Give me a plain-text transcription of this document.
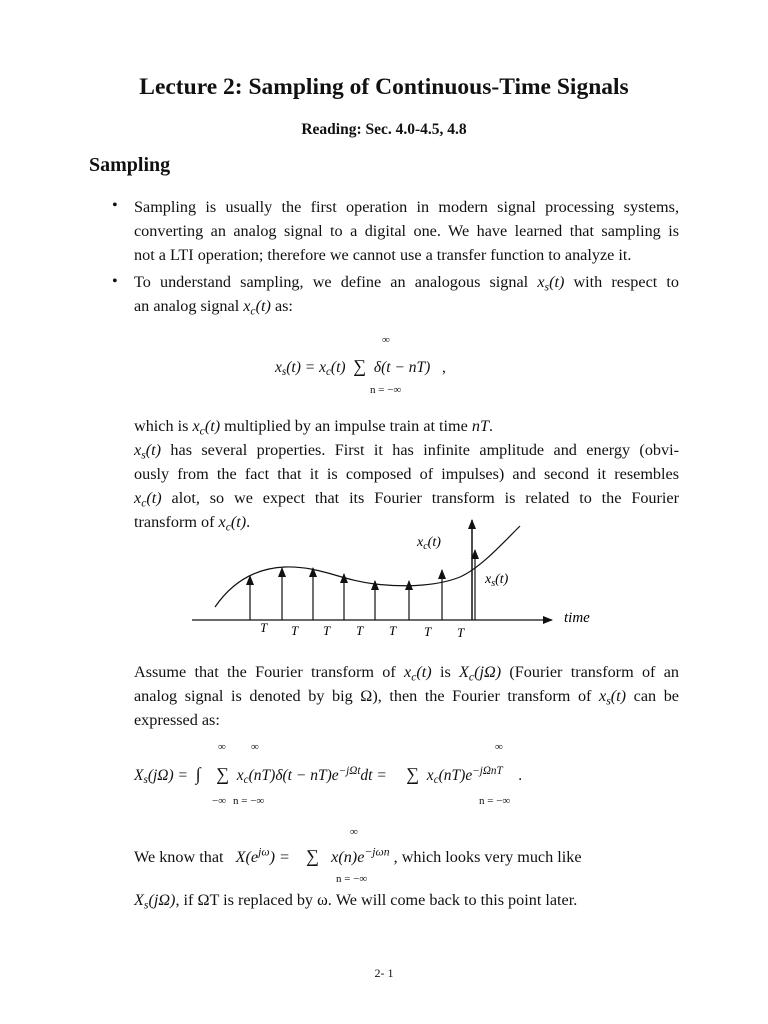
Lecture 2: Sampling of Continuous-Time Signals
Reading: Sec. 4.0-4.5, 4.8
Sampling
• Sampling is usually the first operation in modern signal processing systems,
converting an analog signal to a digital one. We have learned that sampling is
not a LTI operation; therefore we cannot use a transfer function to analyze it.
• To understand sampling, we define an analogous signal $x_s(t)$ with respect to
an analog signal $x_c(t)$ as:
∞
$x_s(t) = x_c(t)$ ∑ δ(t − nT) ,
n = −∞
which is $x_c(t)$ multiplied by an impulse train at time nT.
$x_s(t)$ has several properties. First it has infinite amplitude and energy (obvi-
ously from the fact that it is composed of impulses) and second it resembles
$x_c(t)$ alot, so we expect that its Fourier transform is related to the Fourier
transform of $x_c(t)$.
T T T T T T T
$x_c(t)$
$x_s(t)$
time
Assume that the Fourier transform of $x_c(t)$ is $X_c(j\Omega)$ (Fourier transform of an
analog signal is denoted by big Ω), then the Fourier transform of $x_s(t)$ can be
expressed as:
∞ ∞	∞
$X_s(j\Omega)$ = ∫ ∑ $x_c(nT)\delta(t - nT)e^{-j\Omega t}dt$ = ∑ $x_c(nT)e^{-j\Omega nT}$ .
−∞ n = −∞	n = −∞
∞
We know that $X(e^{j\omega})$ = ∑ $x(n)e^{-j\omega n}$ , which looks very much like
n = −∞
$X_s(j\Omega)$, if ΩT is replaced by ω. We will come back to this point later.
2- 1
